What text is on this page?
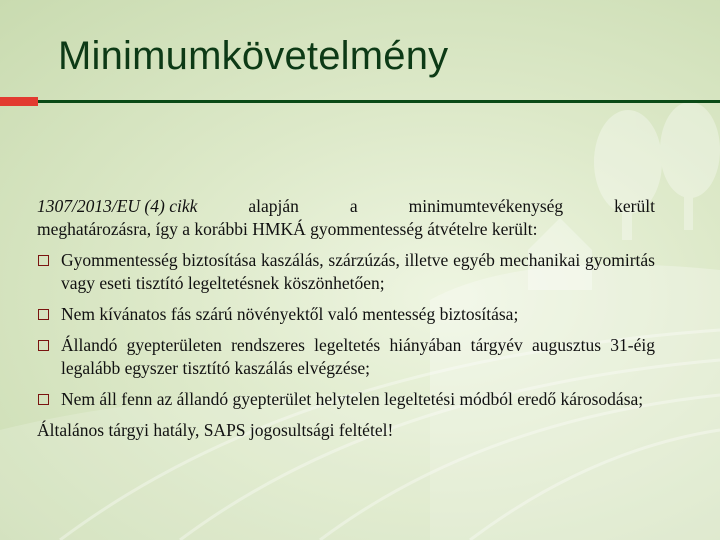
Minimumkövetelmény
1307/2013/EU (4) cikk	alapján	a	minimumtevékenység	került
meghatározásra, így a korábbi HMKÁ gyommentesség átvételre került:
Gyommentesség biztosítása kaszálás, szárzúzás, illetve egyéb mechanikai gyomirtás vagy eseti tisztító legeltetésnek köszönhetően;
Nem kívánatos fás szárú növényektől való mentesség biztosítása;
Állandó gyepterületen rendszeres legeltetés hiányában tárgyév augusztus 31-éig legalább egyszer tisztító kaszálás elvégzése;
Nem áll fenn az állandó gyepterület helytelen legeltetési módból eredő károsodása;
Általános tárgyi hatály, SAPS jogosultsági feltétel!
